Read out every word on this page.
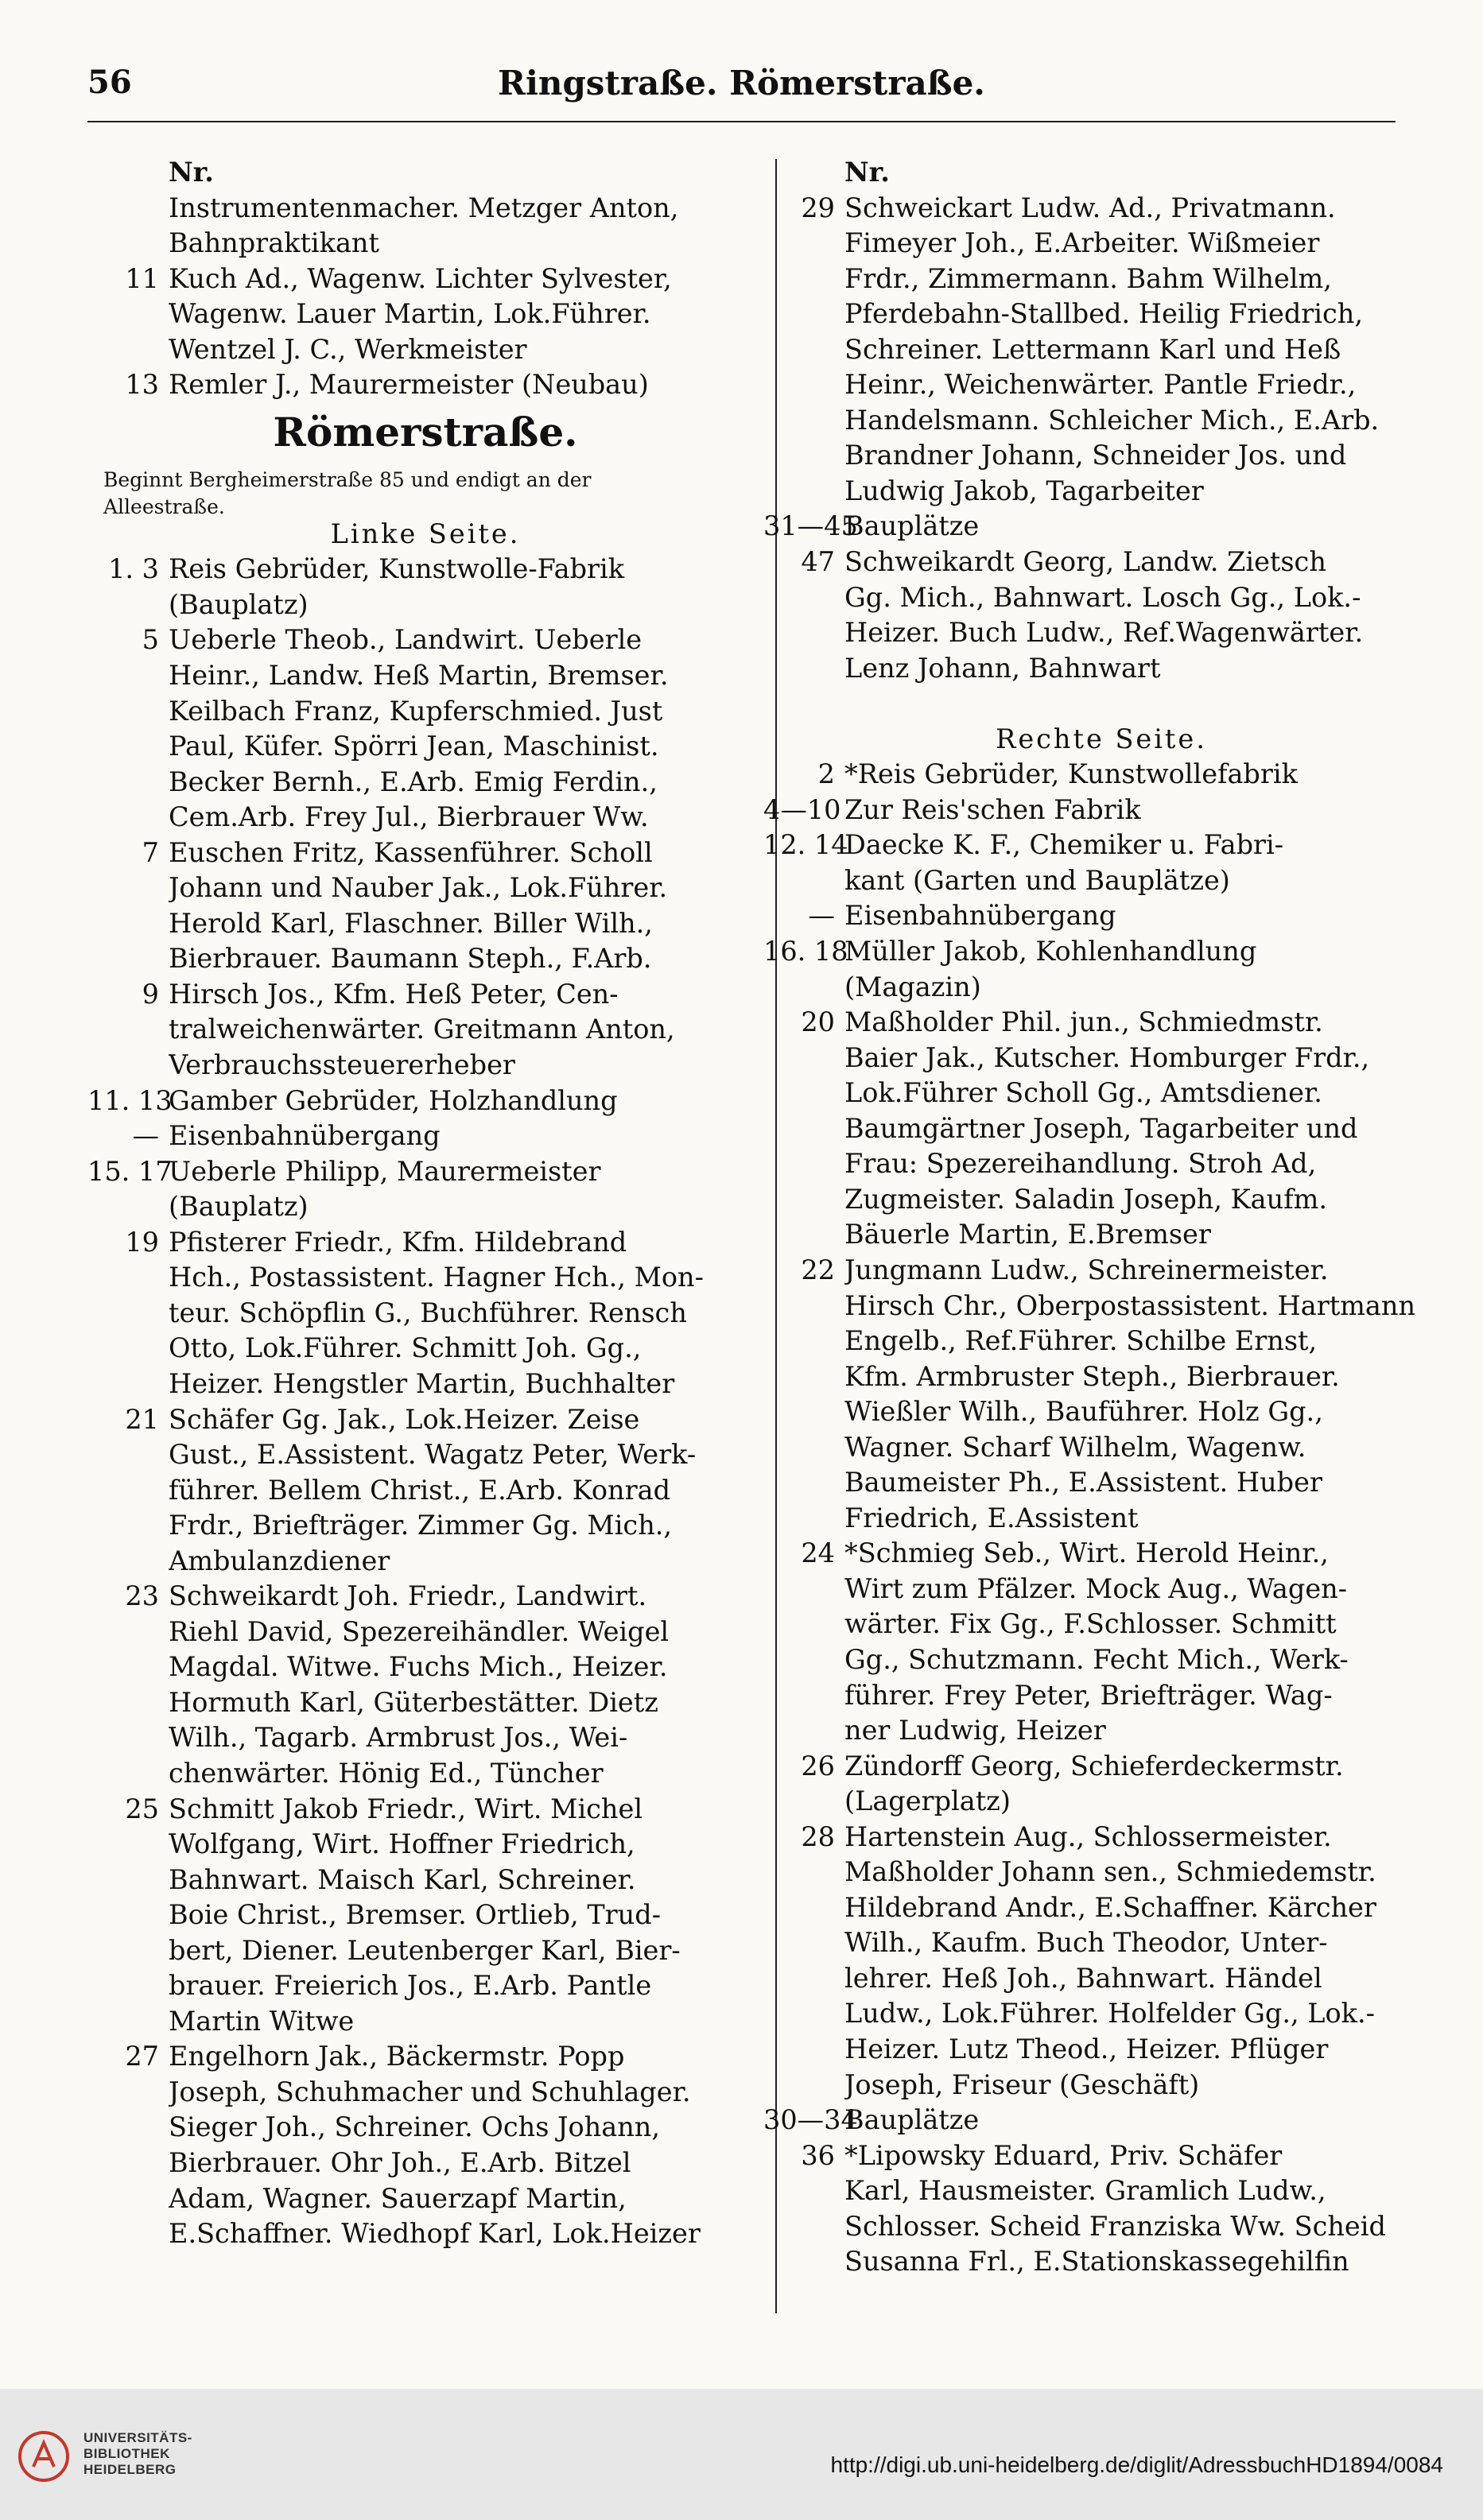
56	Ringstraße. Römerstraße.
Nr.
Instrumentenmacher. Metzger Anton,
Bahnpraktikant
11 Kuch Ad., Wagenw. Lichter Sylvester,
Wagenw. Lauer Martin, Lok.Führer.
Wentzel J. C., Werkmeister
13 Remler J., Maurermeister (Neubau)
Römerstraße.
Beginnt Bergheimerstraße 85 und endigt an der
Alleestraße.
Linke Seite.
1. 3 Reis Gebrüder, Kunstwolle-Fabrik
(Bauplatz)
5 Ueberle Theob., Landwirt. Ueberle
Heinr., Landw. Heß Martin, Bremser.
Keilbach Franz, Kupferschmied. Just
Paul, Küfer. Spörri Jean, Maschinist.
Becker Bernh., E.Arb. Emig Ferdin.,
Cem.Arb. Frey Jul., Bierbrauer Ww.
7 Euschen Fritz, Kassenführer. Scholl
Johann und Nauber Jak., Lok.Führer.
Herold Karl, Flaschner. Biller Wilh.,
Bierbrauer. Baumann Steph., F.Arb.
9 Hirsch Jos., Kfm. Heß Peter, Cen-
tralweichenwärter. Greitmann Anton,
Verbrauchssteuererheber
11. 13
Gamber Gebrüder, Holzhandlung
— Eisenbahnübergang
15. 17
Ueberle Philipp, Maurermeister
(Bauplatz)
19 Pfisterer Friedr., Kfm. Hildebrand
Hch., Postassistent. Hagner Hch., Mon-
teur. Schöpflin G., Buchführer. Rensch
Otto, Lok.Führer. Schmitt Joh. Gg.,
Heizer. Hengstler Martin, Buchhalter
21 Schäfer Gg. Jak., Lok.Heizer. Zeise
Gust., E.Assistent. Wagatz Peter, Werk-
führer. Bellem Christ., E.Arb. Konrad
Frdr., Briefträger. Zimmer Gg. Mich.,
Ambulanzdiener
23 Schweikardt Joh. Friedr., Landwirt.
Riehl David, Spezereihändler. Weigel
Magdal. Witwe. Fuchs Mich., Heizer.
Hormuth Karl, Güterbestätter. Dietz
Wilh., Tagarb. Armbrust Jos., Wei-
chenwärter. Hönig Ed., Tüncher
25 Schmitt Jakob Friedr., Wirt. Michel
Wolfgang, Wirt. Hoffner Friedrich,
Bahnwart. Maisch Karl, Schreiner.
Boie Christ., Bremser. Ortlieb, Trud-
bert, Diener. Leutenberger Karl, Bier-
brauer. Freierich Jos., E.Arb. Pantle
Martin Witwe
27 Engelhorn Jak., Bäckermstr. Popp
Joseph, Schuhmacher und Schuhlager.
Sieger Joh., Schreiner. Ochs Johann,
Bierbrauer. Ohr Joh., E.Arb. Bitzel
Adam, Wagner. Sauerzapf Martin,
E.Schaffner. Wiedhopf Karl, Lok.Heizer
Nr.
29 Schweickart Ludw. Ad., Privatmann.
Fimeyer Joh., E.Arbeiter. Wißmeier
Frdr., Zimmermann. Bahm Wilhelm,
Pferdebahn-Stallbed. Heilig Friedrich,
Schreiner. Lettermann Karl und Heß
Heinr., Weichenwärter. Pantle Friedr.,
Handelsmann. Schleicher Mich., E.Arb.
Brandner Johann, Schneider Jos. und
Ludwig Jakob, Tagarbeiter
31—45
Bauplätze
47 Schweikardt Georg, Landw. Zietsch
Gg. Mich., Bahnwart. Losch Gg., Lok.-
Heizer. Buch Ludw., Ref.Wagenwärter.
Lenz Johann, Bahnwart
Rechte Seite.
2 *Reis Gebrüder, Kunstwollefabrik
4—10 Zur Reis'schen Fabrik
12. 14
Daecke K. F., Chemiker u. Fabri-
kant (Garten und Bauplätze)
— Eisenbahnübergang
16. 18
Müller Jakob, Kohlenhandlung
(Magazin)
20 Maßholder Phil. jun., Schmiedmstr.
Baier Jak., Kutscher. Homburger Frdr.,
Lok.Führer Scholl Gg., Amtsdiener.
Baumgärtner Joseph, Tagarbeiter und
Frau: Spezereihandlung. Stroh Ad,
Zugmeister. Saladin Joseph, Kaufm.
Bäuerle Martin, E.Bremser
22 Jungmann Ludw., Schreinermeister.
Hirsch Chr., Oberpostassistent. Hartmann
Engelb., Ref.Führer. Schilbe Ernst,
Kfm. Armbruster Steph., Bierbrauer.
Wießler Wilh., Bauführer. Holz Gg.,
Wagner. Scharf Wilhelm, Wagenw.
Baumeister Ph., E.Assistent. Huber
Friedrich, E.Assistent
24 *Schmieg Seb., Wirt. Herold Heinr.,
Wirt zum Pfälzer. Mock Aug., Wagen-
wärter. Fix Gg., F.Schlosser. Schmitt
Gg., Schutzmann. Fecht Mich., Werk-
führer. Frey Peter, Briefträger. Wag-
ner Ludwig, Heizer
26 Zündorff Georg, Schieferdeckermstr.
(Lagerplatz)
28 Hartenstein Aug., Schlossermeister.
Maßholder Johann sen., Schmiedemstr.
Hildebrand Andr., E.Schaffner. Kärcher
Wilh., Kaufm. Buch Theodor, Unter-
lehrer. Heß Joh., Bahnwart. Händel
Ludw., Lok.Führer. Holfelder Gg., Lok.-
Heizer. Lutz Theod., Heizer. Pflüger
Joseph, Friseur (Geschäft)
30—34
Bauplätze
36 *Lipowsky Eduard, Priv. Schäfer
Karl, Hausmeister. Gramlich Ludw.,
Schlosser. Scheid Franziska Ww. Scheid
Susanna Frl., E.Stationskassegehilfin
UNIVERSITÄTS-
BIBLIOTHEK
HEIDELBERG	http://digi.ub.uni-heidelberg.de/diglit/AdressbuchHD1894/0084
